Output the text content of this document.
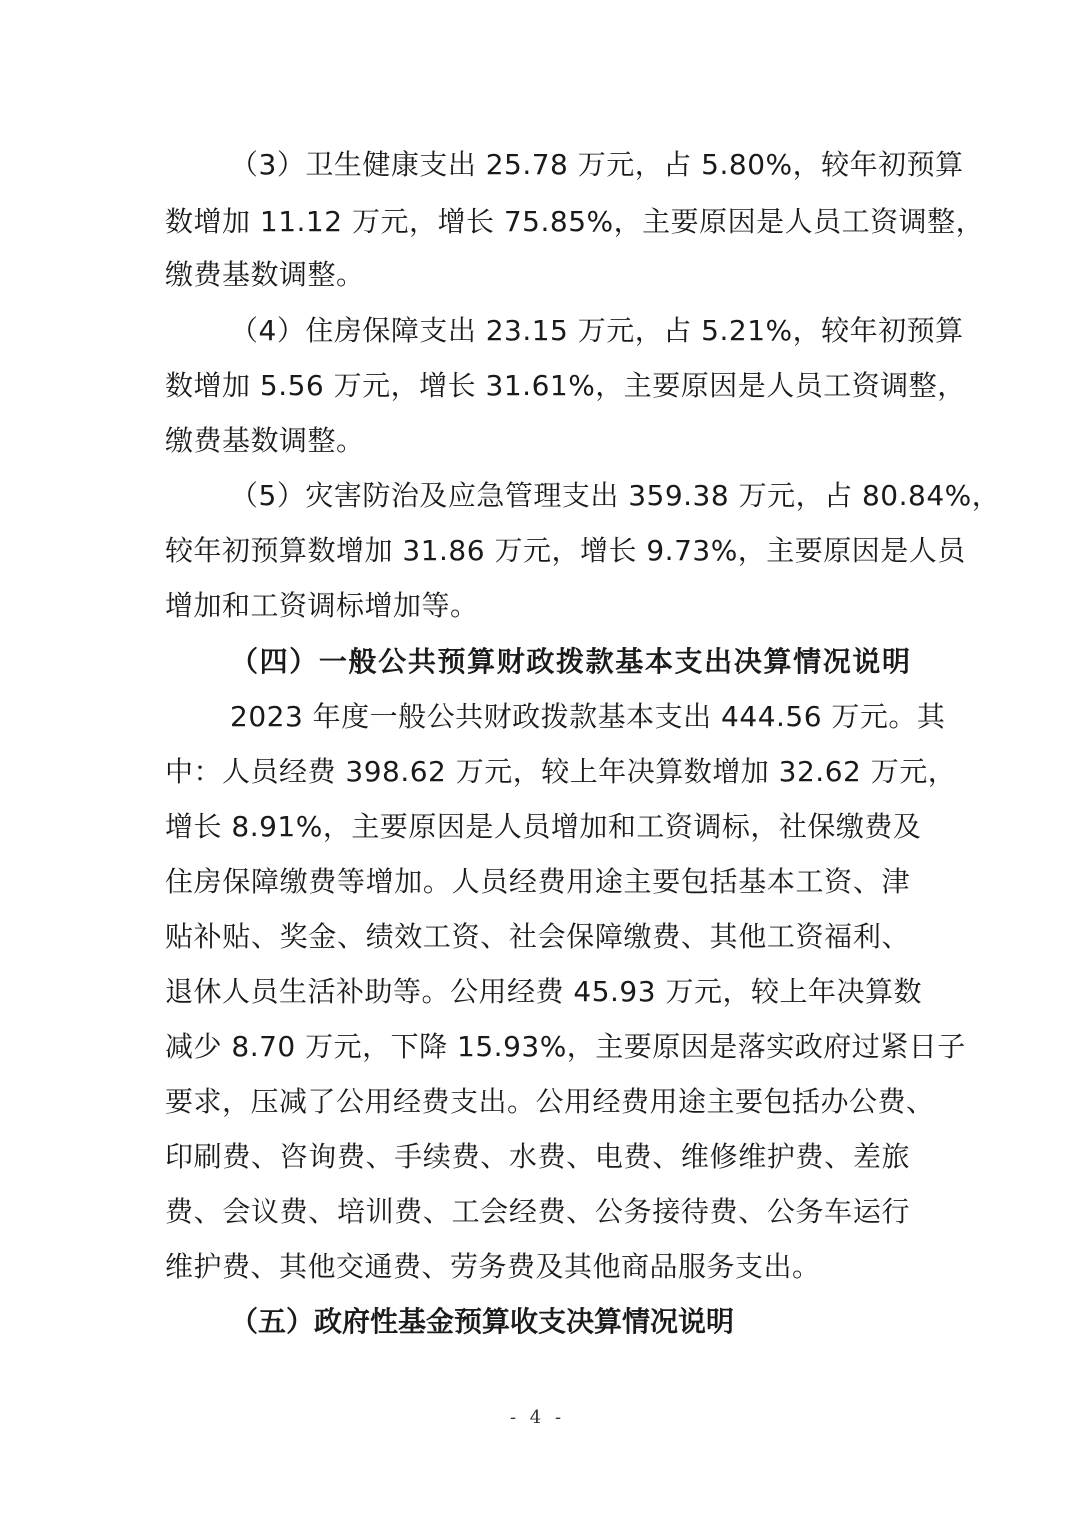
（3）卫生健康支出 25.78 万元，占 5.80%，较年初预算
数增加 11.12 万元，增长 75.85%，主要原因是人员工资调整，
缴费基数调整。
（4）住房保障支出 23.15 万元，占 5.21%，较年初预算
数增加 5.56 万元，增长 31.61%，主要原因是人员工资调整，
缴费基数调整。
（5）灾害防治及应急管理支出 359.38 万元，占 80.84%，
较年初预算数增加 31.86 万元，增长 9.73%，主要原因是人员
增加和工资调标增加等。
（四）一般公共预算财政拨款基本支出决算情况说明
2023 年度一般公共财政拨款基本支出 444.56 万元。其
中：人员经费 398.62 万元，较上年决算数增加 32.62 万元，
增长 8.91%，主要原因是人员增加和工资调标，社保缴费及
住房保障缴费等增加。人员经费用途主要包括基本工资、津
贴补贴、奖金、绩效工资、社会保障缴费、其他工资福利、
退休人员生活补助等。公用经费 45.93 万元，较上年决算数
减少 8.70 万元，下降 15.93%，主要原因是落实政府过紧日子
要求，压减了公用经费支出。公用经费用途主要包括办公费、
印刷费、咨询费、手续费、水费、电费、维修维护费、差旅
费、会议费、培训费、工会经费、公务接待费、公务车运行
维护费、其他交通费、劳务费及其他商品服务支出。
（五）政府性基金预算收支决算情况说明
- 4 -
